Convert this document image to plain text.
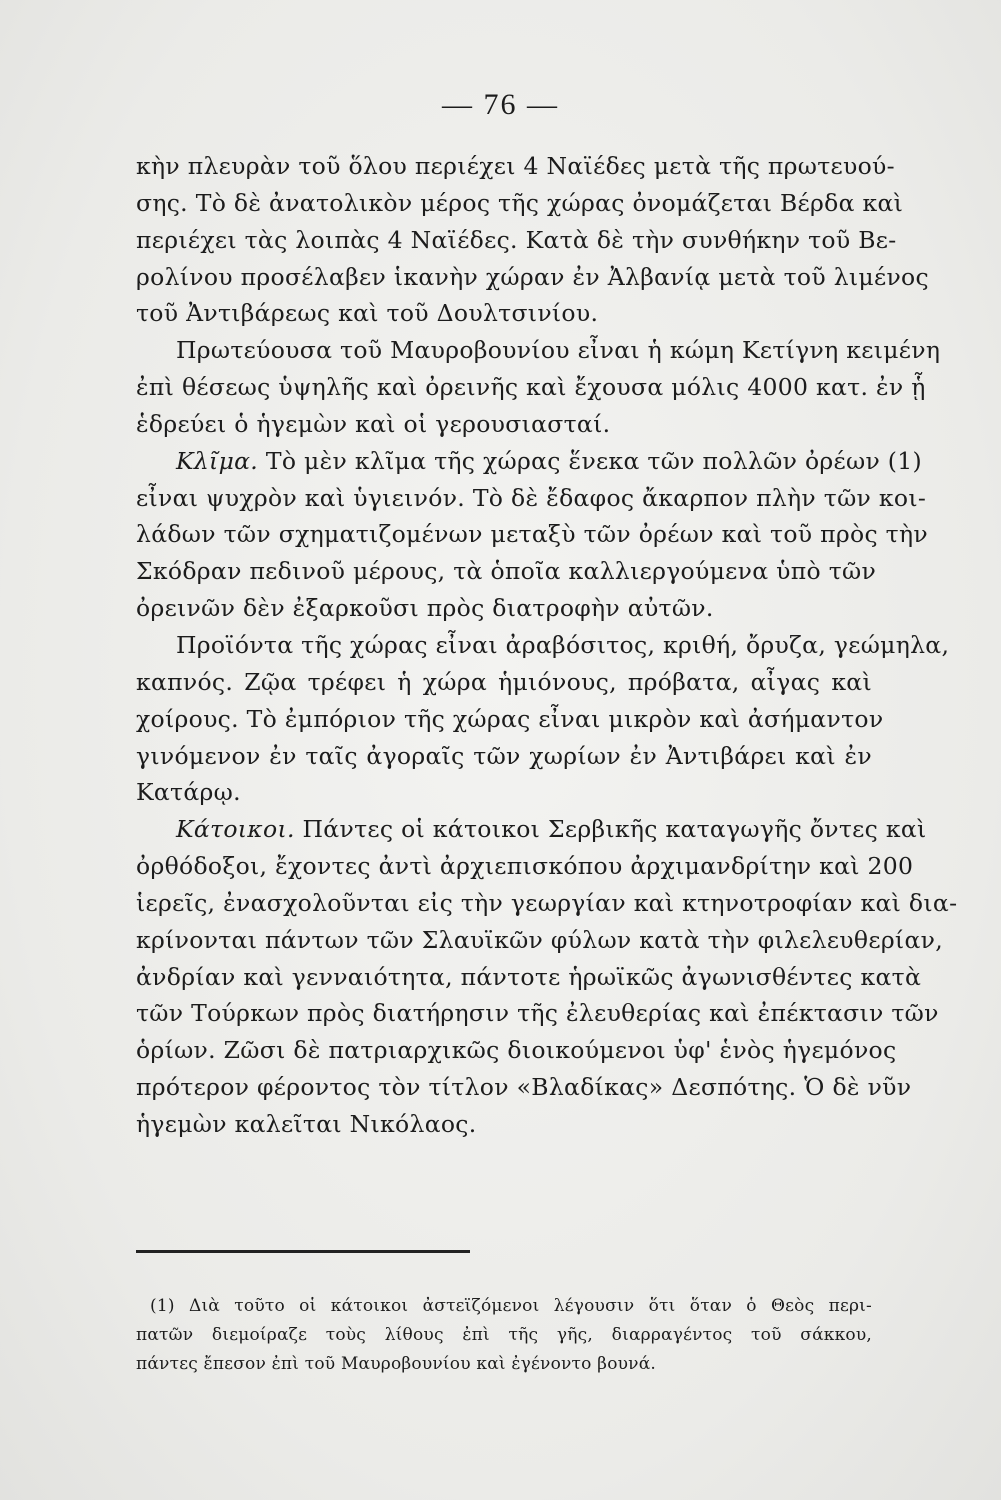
— 76 —
κὴν πλευρὰν τοῦ ὅλου περιέχει 4 Ναϊέδες μετὰ τῆς πρωτευού-
σης. Τὸ δὲ ἀνατολικὸν μέρος τῆς χώρας ὀνομάζεται Βέρδα καὶ
περιέχει τὰς λοιπὰς 4 Ναϊέδες. Κατὰ δὲ τὴν συνθήκην τοῦ Βε-
ρολίνου προσέλαβεν ἱκανὴν χώραν ἐν Ἀλβανίᾳ μετὰ τοῦ λιμένος
τοῦ Ἀντιβάρεως καὶ τοῦ Δουλτσινίου.
Πρωτεύουσα τοῦ Μαυροβουνίου εἶναι ἡ κώμη Κετίγνη κειμένη
ἐπὶ θέσεως ὑψηλῆς καὶ ὀρεινῆς καὶ ἔχουσα μόλις 4000 κατ. ἐν ᾗ
ἑδρεύει ὁ ἡγεμὼν καὶ οἱ γερουσιασταί.
Κλῖμα. Τὸ μὲν κλῖμα τῆς χώρας ἕνεκα τῶν πολλῶν ὀρέων (1)
εἶναι ψυχρὸν καὶ ὑγιεινόν. Τὸ δὲ ἔδαφος ἄκαρπον πλὴν τῶν κοι-
λάδων τῶν σχηματιζομένων μεταξὺ τῶν ὀρέων καὶ τοῦ πρὸς τὴν
Σκόδραν πεδινοῦ μέρους, τὰ ὁποῖα καλλιεργούμενα ὑπὸ τῶν
ὀρεινῶν δὲν ἐξαρκοῦσι πρὸς διατροφὴν αὐτῶν.
Προϊόντα τῆς χώρας εἶναι ἀραβόσιτος, κριθή, ὄρυζα, γεώμηλα,
καπνός. Ζῷα τρέφει ἡ χώρα ἡμιόνους, πρόβατα, αἶγας καὶ
χοίρους. Τὸ ἐμπόριον τῆς χώρας εἶναι μικρὸν καὶ ἀσήμαντον
γινόμενον ἐν ταῖς ἀγοραῖς τῶν χωρίων ἐν Ἀντιβάρει καὶ ἐν
Κατάρῳ.
Κάτοικοι. Πάντες οἱ κάτοικοι Σερβικῆς καταγωγῆς ὄντες καὶ
ὀρθόδοξοι, ἔχοντες ἀντὶ ἀρχιεπισκόπου ἀρχιμανδρίτην καὶ 200
ἱερεῖς, ἐνασχολοῦνται εἰς τὴν γεωργίαν καὶ κτηνοτροφίαν καὶ δια-
κρίνονται πάντων τῶν Σλαυϊκῶν φύλων κατὰ τὴν φιλελευθερίαν,
ἀνδρίαν καὶ γενναιότητα, πάντοτε ἡρωϊκῶς ἀγωνισθέντες κατὰ
τῶν Τούρκων πρὸς διατήρησιν τῆς ἐλευθερίας καὶ ἐπέκτασιν τῶν
ὁρίων. Ζῶσι δὲ πατριαρχικῶς διοικούμενοι ὑφ' ἑνὸς ἡγεμόνος
πρότερον φέροντος τὸν τίτλον «Βλαδίκας» Δεσπότης. Ὁ δὲ νῦν
ἡγεμὼν καλεῖται Νικόλαος.
(1) Διὰ τοῦτο οἱ κάτοικοι ἀστεϊζόμενοι λέγουσιν ὅτι ὅταν ὁ Θεὸς περι-
πατῶν διεμοίραζε τοὺς λίθους ἐπὶ τῆς γῆς, διαρραγέντος τοῦ σάκκου,
πάντες ἔπεσον ἐπὶ τοῦ Μαυροβουνίου καὶ ἐγένοντο βουνά.
